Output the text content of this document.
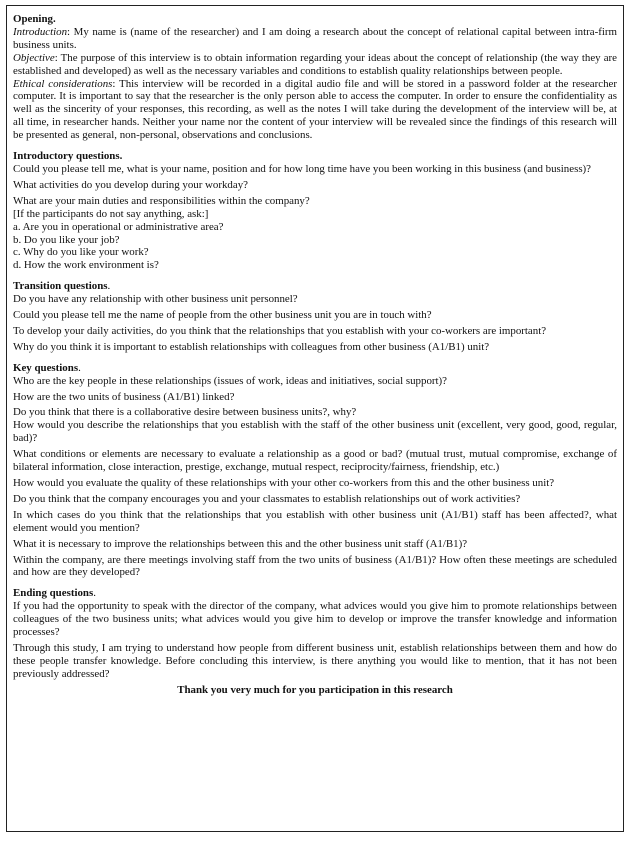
Opening.

Introduction: My name is (name of the researcher) and I am doing a research about the concept of relational capital between intra-firm business units.

Objective: The purpose of this interview is to obtain information regarding your ideas about the concept of relationship (the way they are established and developed) as well as the necessary variables and conditions to establish quality relationships between people.

Ethical considerations: This interview will be recorded in a digital audio file and will be stored in a password folder at the researcher computer. It is important to say that the researcher is the only person able to access the computer. In order to ensure the confidentiality as well as the sincerity of your responses, this recording, as well as the notes I will take during the development of the interview will be, at all time, in researcher hands. Neither your name nor the content of your interview will be revealed since the findings of this research will be presented as general, non-personal, observations and conclusions.

Introductory questions.

Could you please tell me, what is your name, position and for how long time have you been working in this business (and business)?

What activities do you develop during your workday?

What are your main duties and responsibilities within the company?

[If the participants do not say anything, ask:]

a. Are you in operational or administrative area?

b. Do you like your job?

c. Why do you like your work?

d. How the work environment is?

Transition questions.

Do you have any relationship with other business unit personnel?

Could you please tell me the name of people from the other business unit you are in touch with?

To develop your daily activities, do you think that the relationships that you establish with your co-workers are important?

Why do you think it is important to establish relationships with colleagues from other business (A1/B1) unit?

Key questions.

Who are the key people in these relationships (issues of work, ideas and initiatives, social support)?

How are the two units of business (A1/B1) linked?

Do you think that there is a collaborative desire between business units?, why?

How would you describe the relationships that you establish with the staff of the other business unit (excellent, very good, good, regular, bad)?

What conditions or elements are necessary to evaluate a relationship as a good or bad? (mutual trust, mutual compromise, exchange of bilateral information, close interaction, prestige, exchange, mutual respect, reciprocity/fairness, friendship, etc.)

How would you evaluate the quality of these relationships with your other co-workers from this and the other business unit?

Do you think that the company encourages you and your classmates to establish relationships out of work activities?

In which cases do you think that the relationships that you establish with other business unit (A1/B1) staff has been affected?, what element would you mention?

What it is necessary to improve the relationships between this and the other business unit staff (A1/B1)?

Within the company, are there meetings involving staff from the two units of business (A1/B1)? How often these meetings are scheduled and how are they developed?

Ending questions.

If you had the opportunity to speak with the director of the company, what advices would you give him to promote relationships between colleagues of the two business units; what advices would you give him to develop or improve the transfer knowledge and information processes?

Through this study, I am trying to understand how people from different business unit, establish relationships between them and how do these people transfer knowledge. Before concluding this interview, is there anything you would like to mention, that it has not been previously addressed?

Thank you very much for you participation in this research
